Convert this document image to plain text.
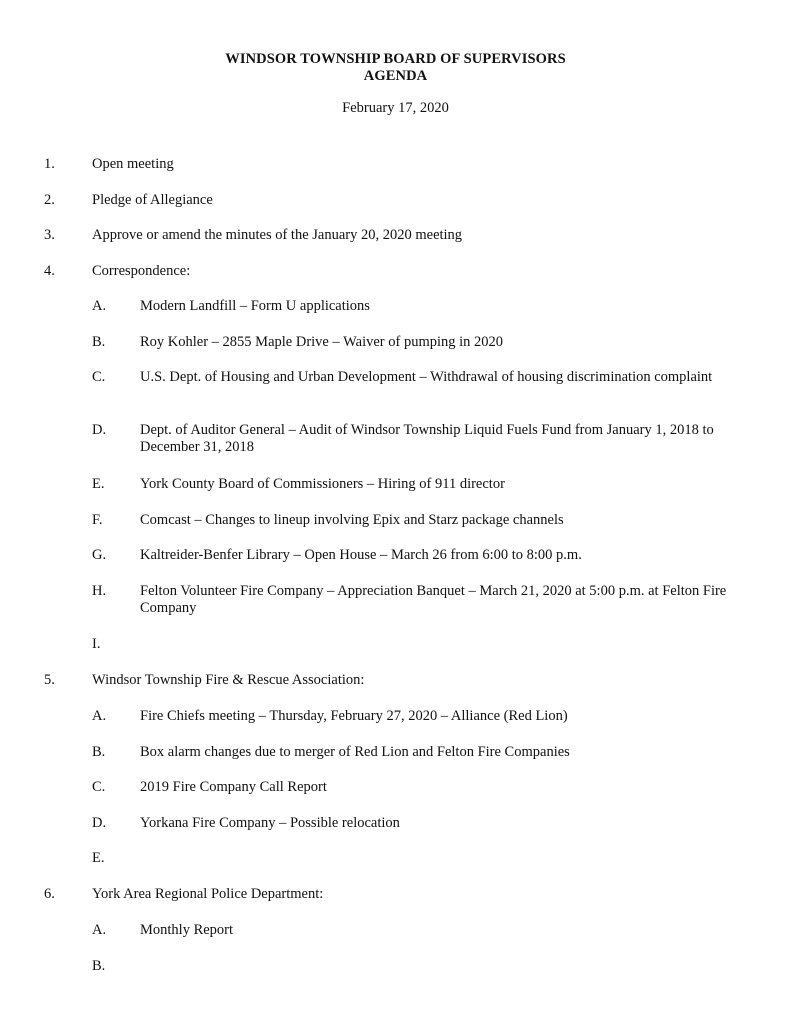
WINDSOR TOWNSHIP BOARD OF SUPERVISORS
AGENDA
February 17, 2020
1.	Open meeting
2.	Pledge of Allegiance
3.	Approve or amend the minutes of the January 20, 2020 meeting
4.	Correspondence:
A. Modern Landfill – Form U applications
B. Roy Kohler – 2855 Maple Drive – Waiver of pumping in 2020
C. U.S. Dept. of Housing and Urban Development – Withdrawal of housing discrimination complaint
D. Dept. of Auditor General – Audit of Windsor Township Liquid Fuels Fund from January 1, 2018 to December 31, 2018
E. York County Board of Commissioners – Hiring of 911 director
F.	Comcast – Changes to lineup involving Epix and Starz package channels
G. Kaltreider-Benfer Library – Open House – March 26 from 6:00 to 8:00 p.m.
H. Felton Volunteer Fire Company – Appreciation Banquet – March 21, 2020 at 5:00 p.m. at Felton Fire Company
I.
5.	Windsor Township Fire & Rescue Association:
A. Fire Chiefs meeting – Thursday, February 27, 2020 – Alliance (Red Lion)
B. Box alarm changes due to merger of Red Lion and Felton Fire Companies
C. 2019 Fire Company Call Report
D. Yorkana Fire Company – Possible relocation
E.
6.	York Area Regional Police Department:
A. Monthly Report
B.
